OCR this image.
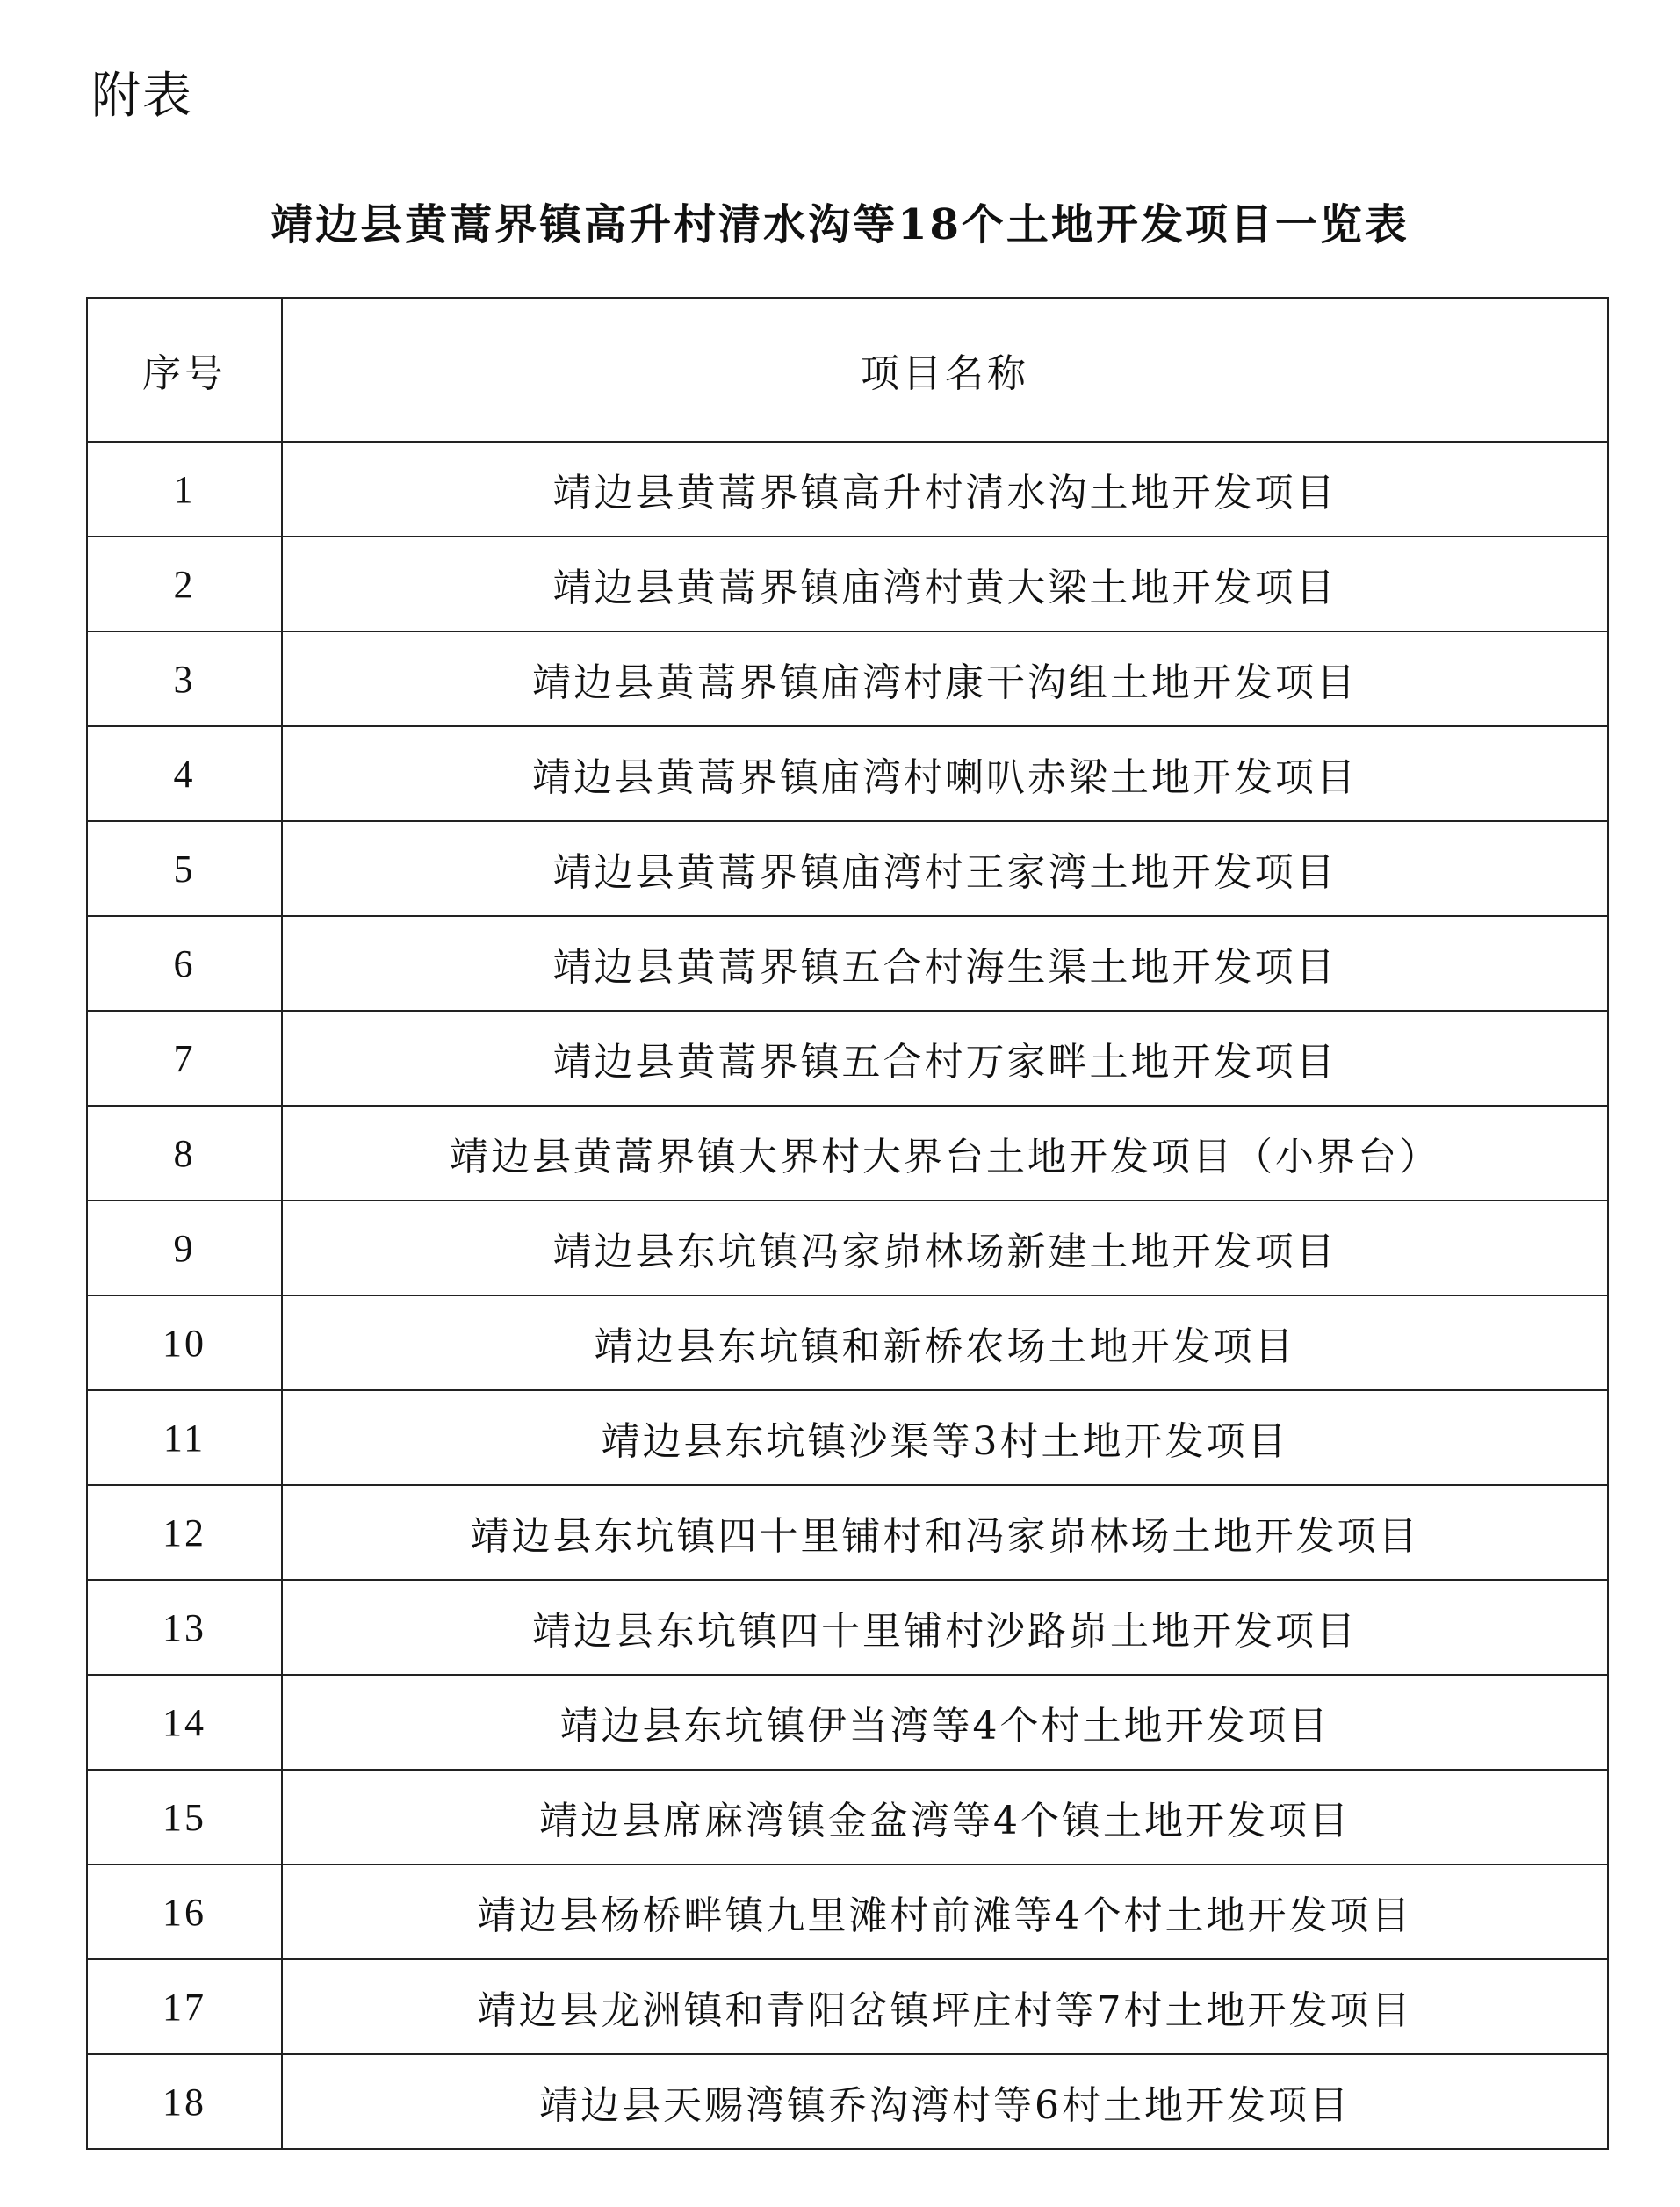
附表
靖边县黄蒿界镇高升村清水沟等18个土地开发项目一览表
序号	项目名称
1	靖边县黄蒿界镇高升村清水沟土地开发项目
2	靖边县黄蒿界镇庙湾村黄大梁土地开发项目
3	靖边县黄蒿界镇庙湾村康干沟组土地开发项目
4	靖边县黄蒿界镇庙湾村喇叭赤梁土地开发项目
5	靖边县黄蒿界镇庙湾村王家湾土地开发项目
6	靖边县黄蒿界镇五合村海生渠土地开发项目
7	靖边县黄蒿界镇五合村万家畔土地开发项目
8	靖边县黄蒿界镇大界村大界台土地开发项目（小界台）
9	靖边县东坑镇冯家峁林场新建土地开发项目
10	靖边县东坑镇和新桥农场土地开发项目
11	靖边县东坑镇沙渠等3村土地开发项目
12	靖边县东坑镇四十里铺村和冯家峁林场土地开发项目
13	靖边县东坑镇四十里铺村沙路峁土地开发项目
14	靖边县东坑镇伊当湾等4个村土地开发项目
15	靖边县席麻湾镇金盆湾等4个镇土地开发项目
16	靖边县杨桥畔镇九里滩村前滩等4个村土地开发项目
17	靖边县龙洲镇和青阳岔镇坪庄村等7村土地开发项目
18	靖边县天赐湾镇乔沟湾村等6村土地开发项目
